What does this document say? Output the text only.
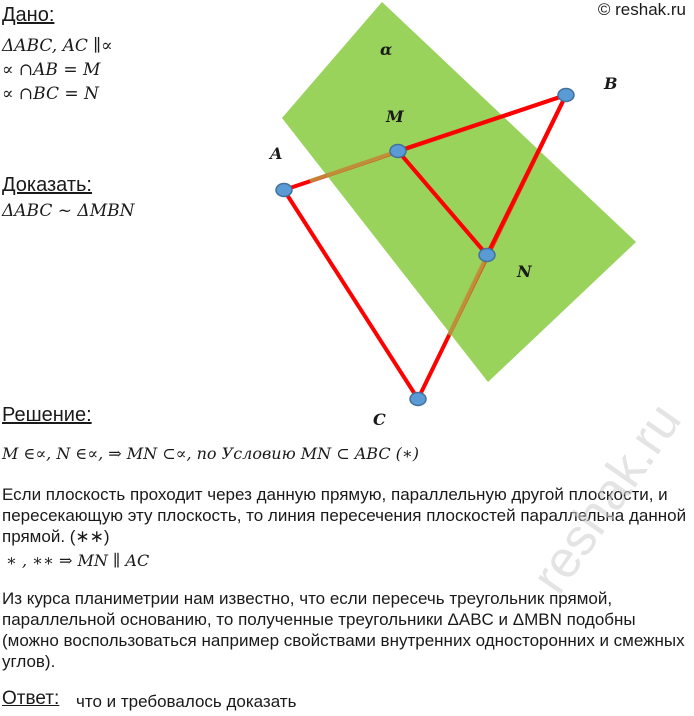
α
B
M
A
N
C
© reshak.ru
Дано:
ΔABC, AC ∥∝
∝ ∩AB = M
∝ ∩BC = N
Доказать:
ΔABC ~ ΔMBN
Решение:
M ∈∝, N ∈∝, ⇒ MN ⊂∝, по Условию MN ⊂ ABC (∗)
Если плоскость проходит через данную прямую, параллельную другой плоскости, и пересекающую эту плоскость, то линия пересечения плоскостей параллельна данной прямой. (∗∗)
∗ , ∗∗ ⇒ MN ∥ AC
Из курса планиметрии нам известно, что если пересечь треугольник прямой, параллельной основанию, то полученные треугольники ΔABC и ΔMBN подобны (можно воспользоваться например свойствами внутренних односторонних и смежных углов).
Ответ: что и требовалось доказать
reshak.ru
